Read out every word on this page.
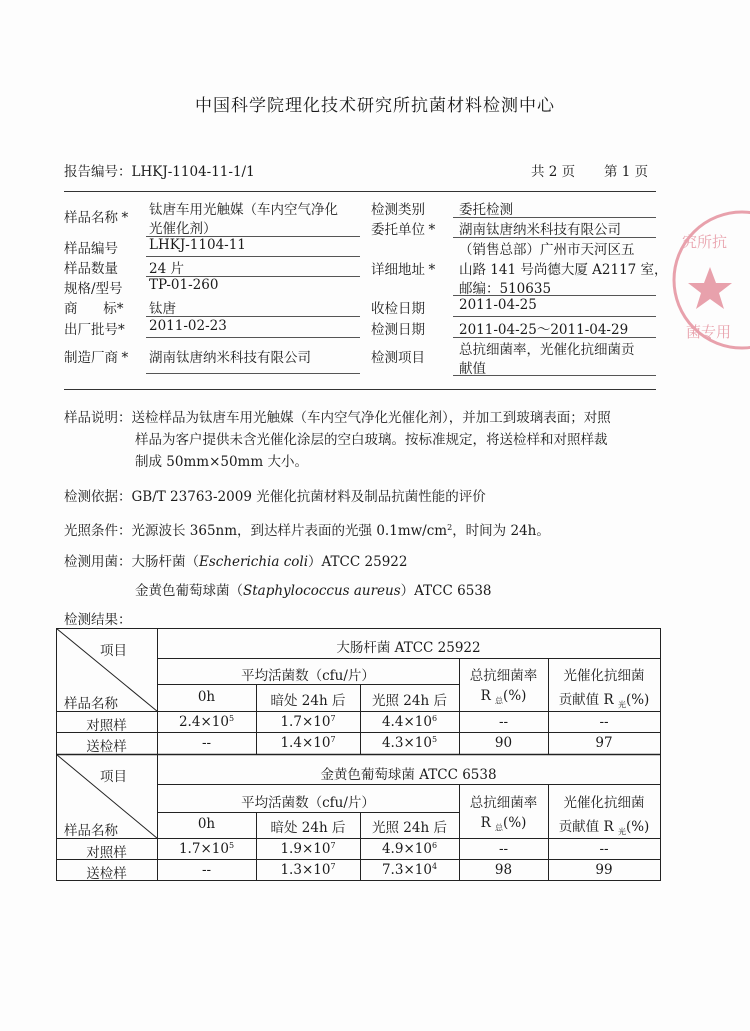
中国科学院理化技术研究所抗菌材料检测中心
报告编号：LHKJ-1104-11-1/1	共 2 页 第 1 页
样品名称 * 钛唐车用光触媒（车内空气净化
光催化剂）
样品编号 LHKJ-1104-11
样品数量 24 片
规格/型号 TP-01-260
商      标* 钛唐
出厂批号* 2011-02-23
制造厂商 * 湖南钛唐纳米科技有限公司
检测类别	委托检测
委托单位 * 湖南钛唐纳米科技有限公司
详细地址 *
（销售总部）广州市天河区五
山路 141 号尚德大厦 A2117 室，
邮编：510635
收检日期	2011-04-25
检测日期	2011-04-25～2011-04-29
检测项目	总抗细菌率，光催化抗细菌贡
献值
样品说明：送检样品为钛唐车用光触媒（车内空气净化光催化剂），并加工到玻璃表面；对照
样品为客户提供未含光催化涂层的空白玻璃。按标准规定，将送检样和对照样裁
制成 50mm×50mm 大小。
检测依据：GB/T 23763-2009 光催化抗菌材料及制品抗菌性能的评价
光照条件：光源波长 365nm，到达样片表面的光强 $0.1mw/cm^2$，时间为 24h。
检测用菌：大肠杆菌（Escherichia coli）ATCC 25922
金黄色葡萄球菌（Staphylococcus aureus）ATCC 6538
检测结果：
项目
样品名称
大肠杆菌 ATCC 25922
平均活菌数（cfu/片）
0h	暗处 24h 后	光照 24h 后
总抗细菌率
R $_总$(%)
光催化抗细菌
贡献值 R $_光$(%)
对照样	$2.4\times 10^5$	$1.7\times 10^7$	$4.4\times 10^6$	--	--
送检样	--	$1.4\times 10^7$	$4.3\times 10^5$	90	97
项目
样品名称
金黄色葡萄球菌 ATCC 6538
平均活菌数（cfu/片）
0h	暗处 24h 后	光照 24h 后
总抗细菌率
R $_总$(%)
光催化抗细菌
贡献值 R $_光$(%)
对照样	$1.7\times 10^5$	$1.9\times 10^7$	$4.9\times 10^6$	--	--
送检样	--	$1.3\times 10^7$	$7.3\times 10^4$	98	99
究所抗
菌专用
